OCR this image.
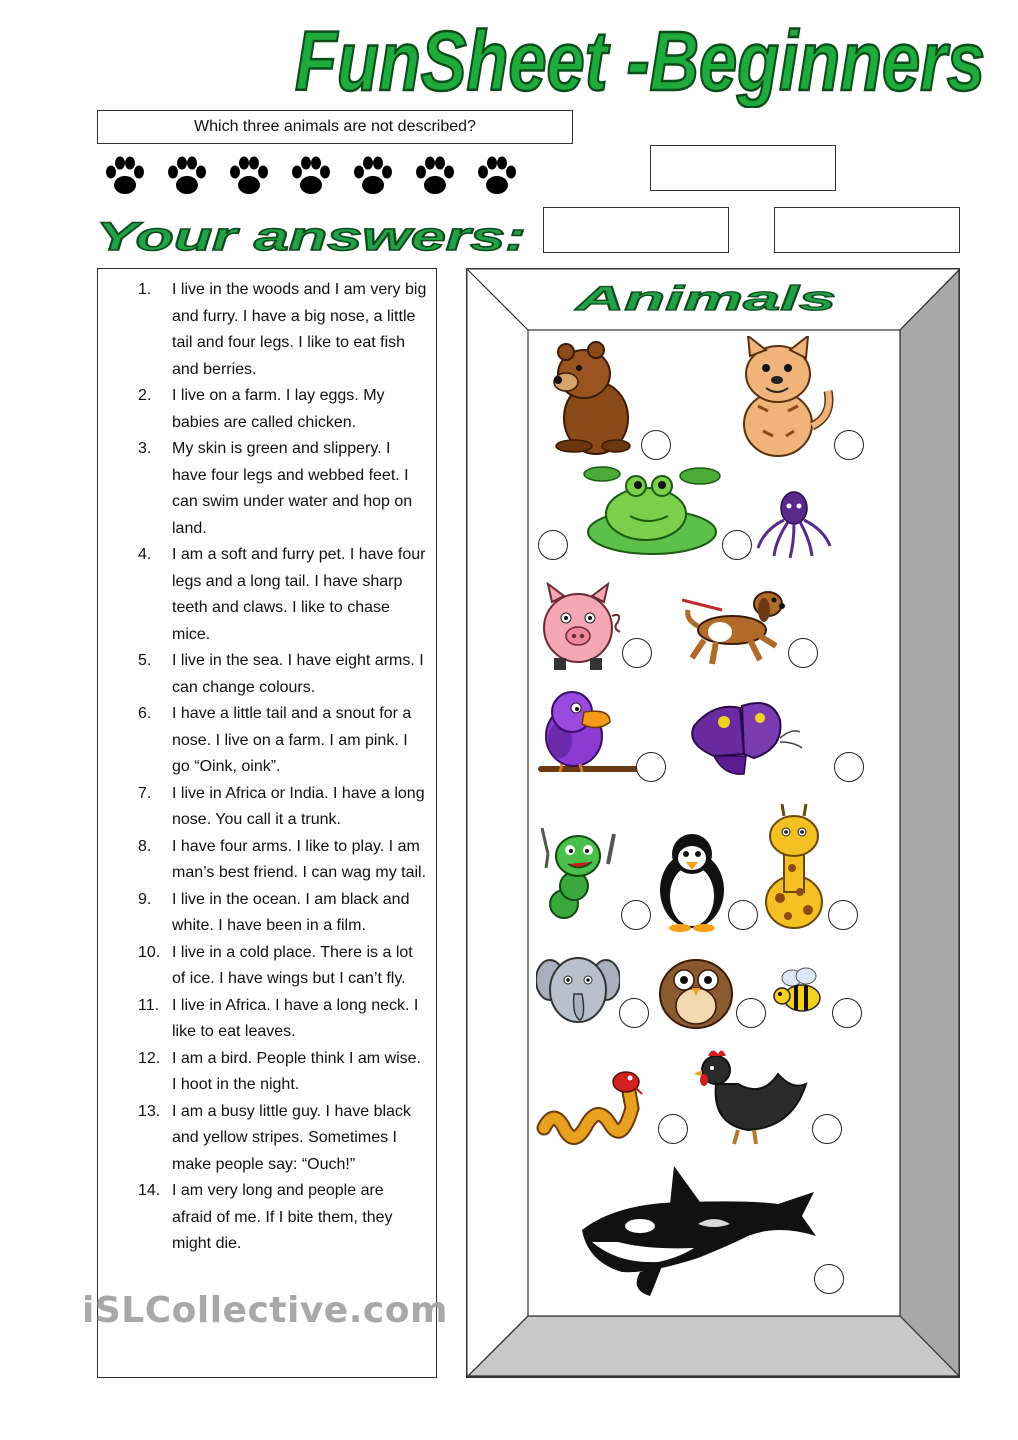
FunSheet -Beginners
Which three animals are not described?
Your answers:
1. I live in the woods and I am very big and furry. I have a big nose, a little tail and four legs. I like to eat fish and berries.
2. I live on a farm. I lay eggs. My babies are called chicken.
3. My skin is green and slippery. I have four legs and webbed feet. I can swim under water and hop on land.
4. I am a soft and furry pet. I have four legs and a long tail. I have sharp teeth and claws. I like to chase mice.
5. I live in the sea. I have eight arms. I can change colours.
6. I have a little tail and a snout for a nose. I live on a farm. I am pink. I go “Oink, oink”.
7. I live in Africa or India. I have a long nose. You call it a trunk.
8. I have four arms. I like to play. I am man’s best friend. I can wag my tail.
9. I live in the ocean. I am black and white. I have been in a film.
10. I live in a cold place. There is a lot of ice. I have wings but I can’t fly.
11. I live in Africa. I have a long neck. I like to eat leaves.
12. I am a bird. People think I am wise. I hoot in the night.
13. I am a busy little guy. I have black and yellow stripes. Sometimes I make people say: “Ouch!”
14. I am very long and people are afraid of me. If I bite them, they might die.
Animals
iSLCollective.com
